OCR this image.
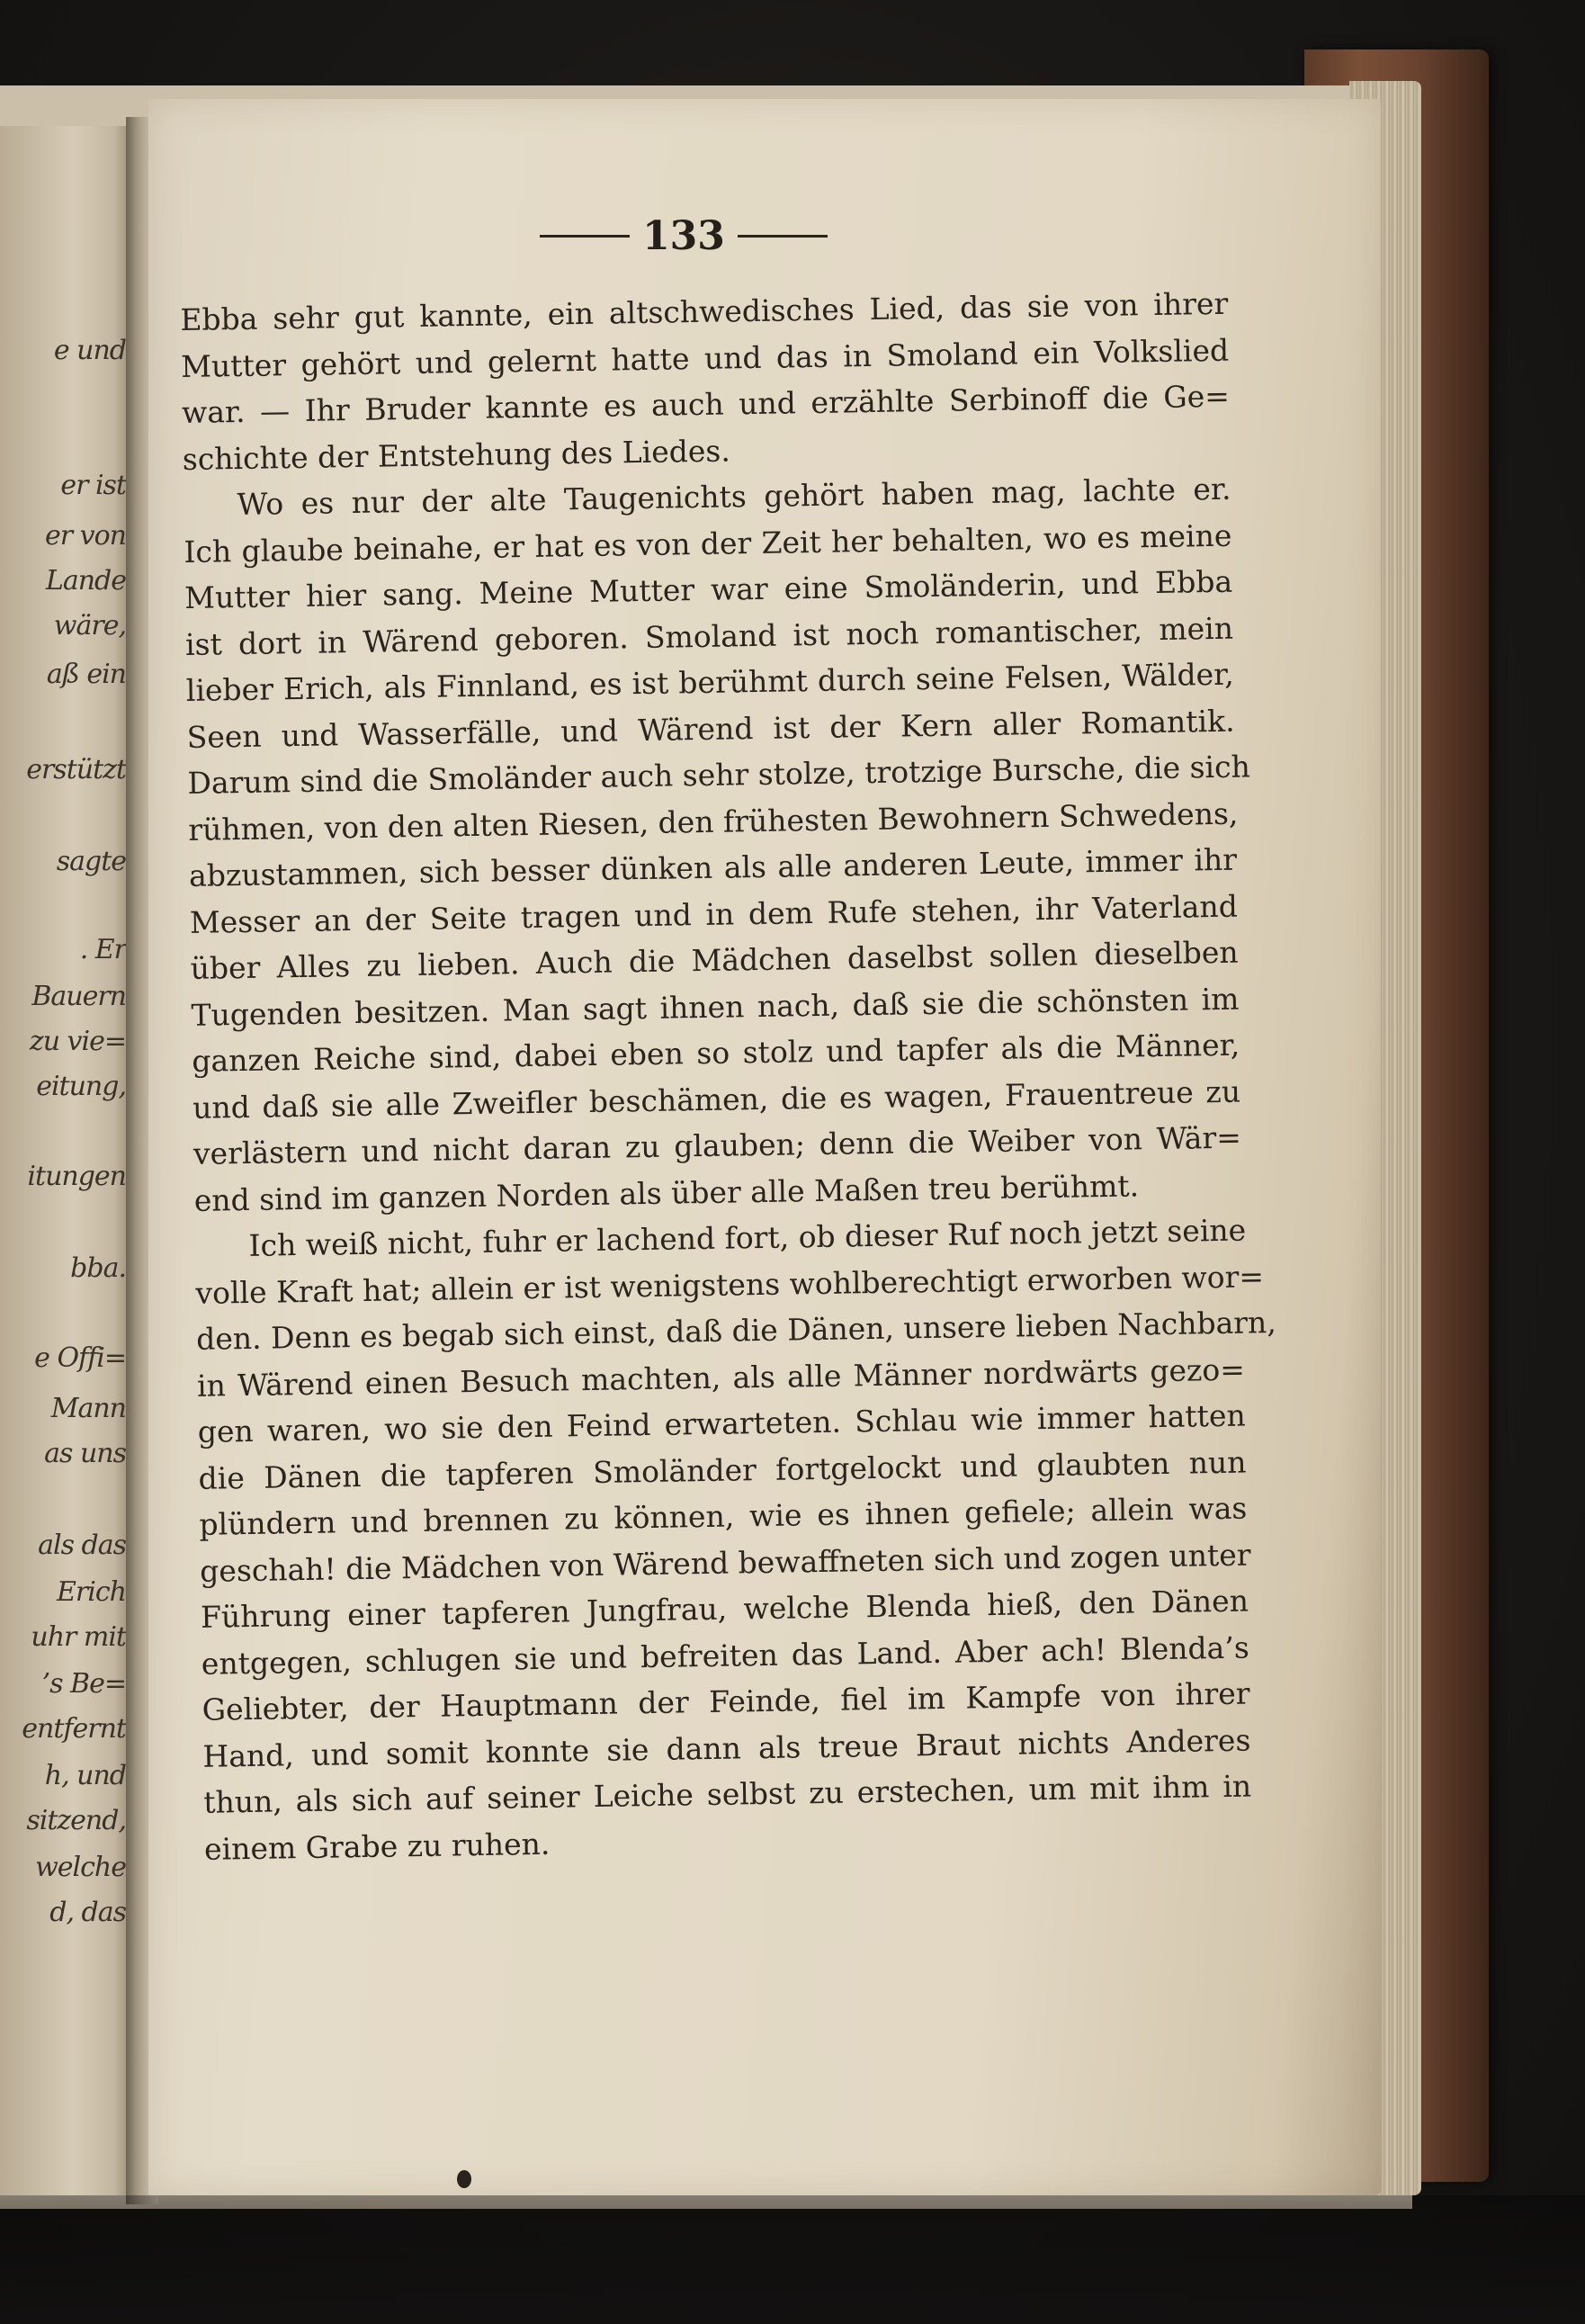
e und
er ist
er von
Lande
wäre,
aß ein
erstützt
sagte
. Er
Bauern
zu vie=
eitung,
itungen
bba.
e Offi=
Mann
as uns
als das
Erich
uhr mit
’s Be=
entfernt
h, und
sitzend,
welche
d, das
133
Ebba sehr gut kannte, ein altschwedisches Lied, das sie von ihrer
Mutter gehört und gelernt hatte und das in Smoland ein Volkslied
war. — Ihr Bruder kannte es auch und erzählte Serbinoff die Ge=
schichte der Entstehung des Liedes.
Wo es nur der alte Taugenichts gehört haben mag, lachte er.
Ich glaube beinahe, er hat es von der Zeit her behalten, wo es meine
Mutter hier sang. Meine Mutter war eine Smoländerin, und Ebba
ist dort in Wärend geboren. Smoland ist noch romantischer, mein
lieber Erich, als Finnland, es ist berühmt durch seine Felsen, Wälder,
Seen und Wasserfälle, und Wärend ist der Kern aller Romantik.
Darum sind die Smoländer auch sehr stolze, trotzige Bursche, die sich
rühmen, von den alten Riesen, den frühesten Bewohnern Schwedens,
abzustammen, sich besser dünken als alle anderen Leute, immer ihr
Messer an der Seite tragen und in dem Rufe stehen, ihr Vaterland
über Alles zu lieben. Auch die Mädchen daselbst sollen dieselben
Tugenden besitzen. Man sagt ihnen nach, daß sie die schönsten im
ganzen Reiche sind, dabei eben so stolz und tapfer als die Männer,
und daß sie alle Zweifler beschämen, die es wagen, Frauentreue zu
verlästern und nicht daran zu glauben; denn die Weiber von Wär=
end sind im ganzen Norden als über alle Maßen treu berühmt.
Ich weiß nicht, fuhr er lachend fort, ob dieser Ruf noch jetzt seine
volle Kraft hat; allein er ist wenigstens wohlberechtigt erworben wor=
den. Denn es begab sich einst, daß die Dänen, unsere lieben Nachbarn,
in Wärend einen Besuch machten, als alle Männer nordwärts gezo=
gen waren, wo sie den Feind erwarteten. Schlau wie immer hatten
die Dänen die tapferen Smoländer fortgelockt und glaubten nun
plündern und brennen zu können, wie es ihnen gefiele; allein was
geschah! die Mädchen von Wärend bewaffneten sich und zogen unter
Führung einer tapferen Jungfrau, welche Blenda hieß, den Dänen
entgegen, schlugen sie und befreiten das Land. Aber ach! Blenda’s
Geliebter, der Hauptmann der Feinde, fiel im Kampfe von ihrer
Hand, und somit konnte sie dann als treue Braut nichts Anderes
thun, als sich auf seiner Leiche selbst zu erstechen, um mit ihm in
einem Grabe zu ruhen.
